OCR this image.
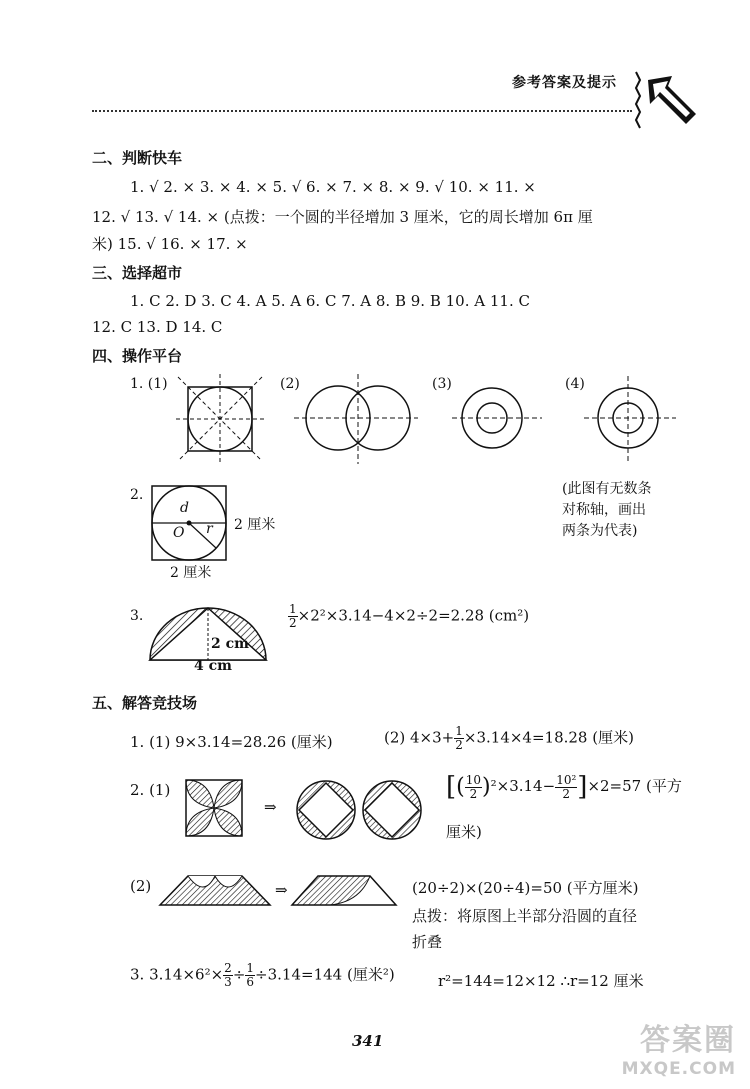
参考答案及提示
二、判断快车
1. √ 2. × 3. × 4. × 5. √ 6. × 7. × 8. × 9. √ 10. × 11. ×
12. √ 13. √ 14. × (点拨：一个圆的半径增加 3 厘米，它的周长增加 6π 厘
米) 15. √ 16. × 17. ×
三、选择超市
1. C 2. D 3. C 4. A 5. A 6. C 7. A 8. B 9. B 10. A 11. C
12. C 13. D 14. C
四、操作平台
1. (1)	(2)	(3)	(4)
2.
d
O r 2 厘米
2 厘米
(此图有无数条
对称轴，画出
两条为代表)
3.
2 cm
4 cm
$\frac{1}{2} \times 2^2\times 3.14-4\times 2\div 2=2.28$ (cm²)
五、解答竞技场
1. (1) 9×3.14=28.26 (厘米)	(2) $4\times 3+ \frac{1}{2} \times 3.14\times 4=18.28$ (厘米)
2. (1)
⇒
[( $\frac{10}{2} )^2\times 3.14- \frac{\text{10²}}{2} ]\times 2=57$ (平方
厘米)
(2)	⇒	(20÷2)×(20÷4)=50 (平方厘米)
点拨：将原图上半部分沿圆的直径
折叠
3. $3.14\times 6^2\times \frac{2}{3} \div \frac{1}{6} \div 3.14=144$ (厘米²)	r²=144=12×12 ∴r=12 厘米
341	答案圈
MXQE.COM
